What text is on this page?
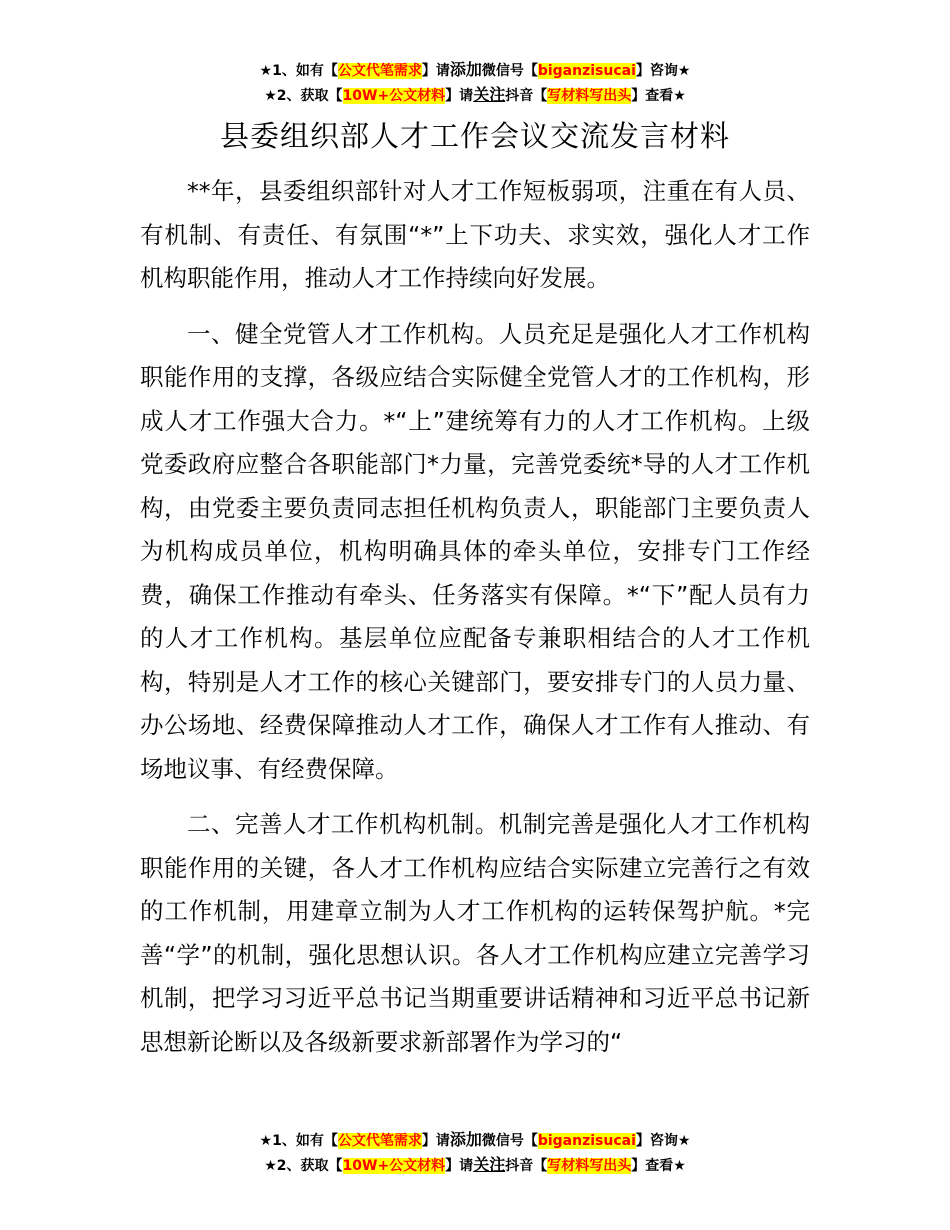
★1、如有【公文代笔需求】请添加微信号【biganzisucai】咨询★
★2、获取【10W+公文材料】请关注抖音【写材料写出头】查看★
县委组织部人才工作会议交流发言材料

**年，县委组织部针对人才工作短板弱项，注重在有人员、有机制、有责任、有氛围“*”上下功夫、求实效，强化人才工作机构职能作用，推动人才工作持续向好发展。

一、健全党管人才工作机构。人员充足是强化人才工作机构职能作用的支撑，各级应结合实际健全党管人才的工作机构，形成人才工作强大合力。*“上”建统筹有力的人才工作机构。上级党委政府应整合各职能部门*力量，完善党委统*导的人才工作机构，由党委主要负责同志担任机构负责人，职能部门主要负责人为机构成员单位，机构明确具体的牵头单位，安排专门工作经费，确保工作推动有牵头、任务落实有保障。*“下”配人员有力的人才工作机构。基层单位应配备专兼职相结合的人才工作机构，特别是人才工作的核心关键部门，要安排专门的人员力量、办公场地、经费保障推动人才工作，确保人才工作有人推动、有场地议事、有经费保障。

二、完善人才工作机构机制。机制完善是强化人才工作机构职能作用的关键，各人才工作机构应结合实际建立完善行之有效的工作机制，用建章立制为人才工作机构的运转保驾护航。*完善“学”的机制，强化思想认识。各人才工作机构应建立完善学习机制，把学习习近平总书记当期重要讲话精神和习近平总书记新思想新论断以及各级新要求新部署作为学习的“

★1、如有【公文代笔需求】请添加微信号【biganzisucai】咨询★
★2、获取【10W+公文材料】请关注抖音【写材料写出头】查看★
